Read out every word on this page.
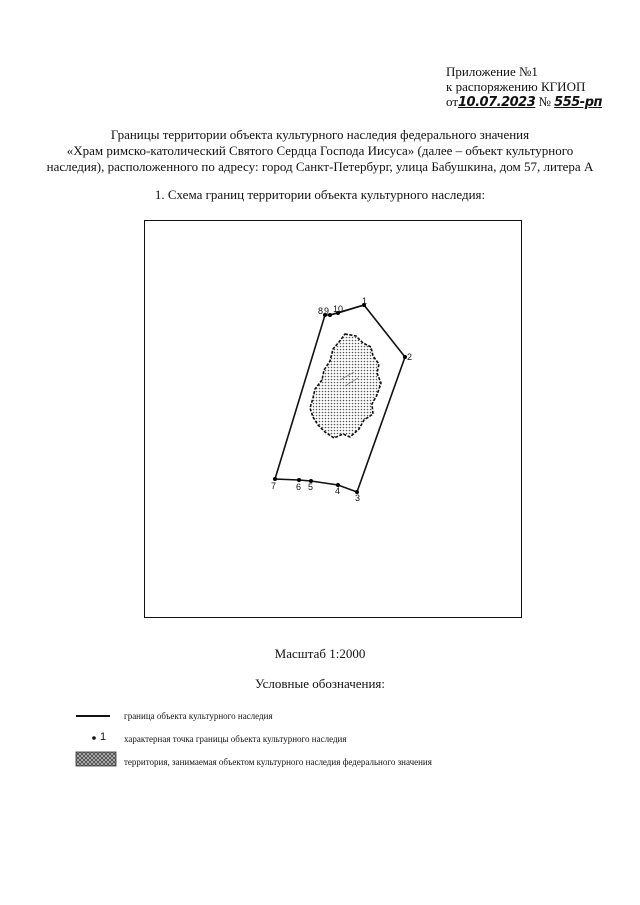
Приложение №1
к распоряжению КГИОП
от10.07.2023 № 555-рп
Границы территории объекта культурного наследия федерального значения
«Храм римско-католический Святого Сердца Господа Иисуса» (далее – объект культурного
наследия), расположенного по адресу: город Санкт-Петербург, улица Бабушкина, дом 57, литера А
1. Схема границ территории объекта культурного наследия:
1
2
3
4
5
6
7
8 9 10
Масштаб 1:2000
Условные обозначения:
1
граница объекта культурного наследия
характерная точка границы объекта культурного наследия
территория, занимаемая объектом культурного наследия федерального значения
